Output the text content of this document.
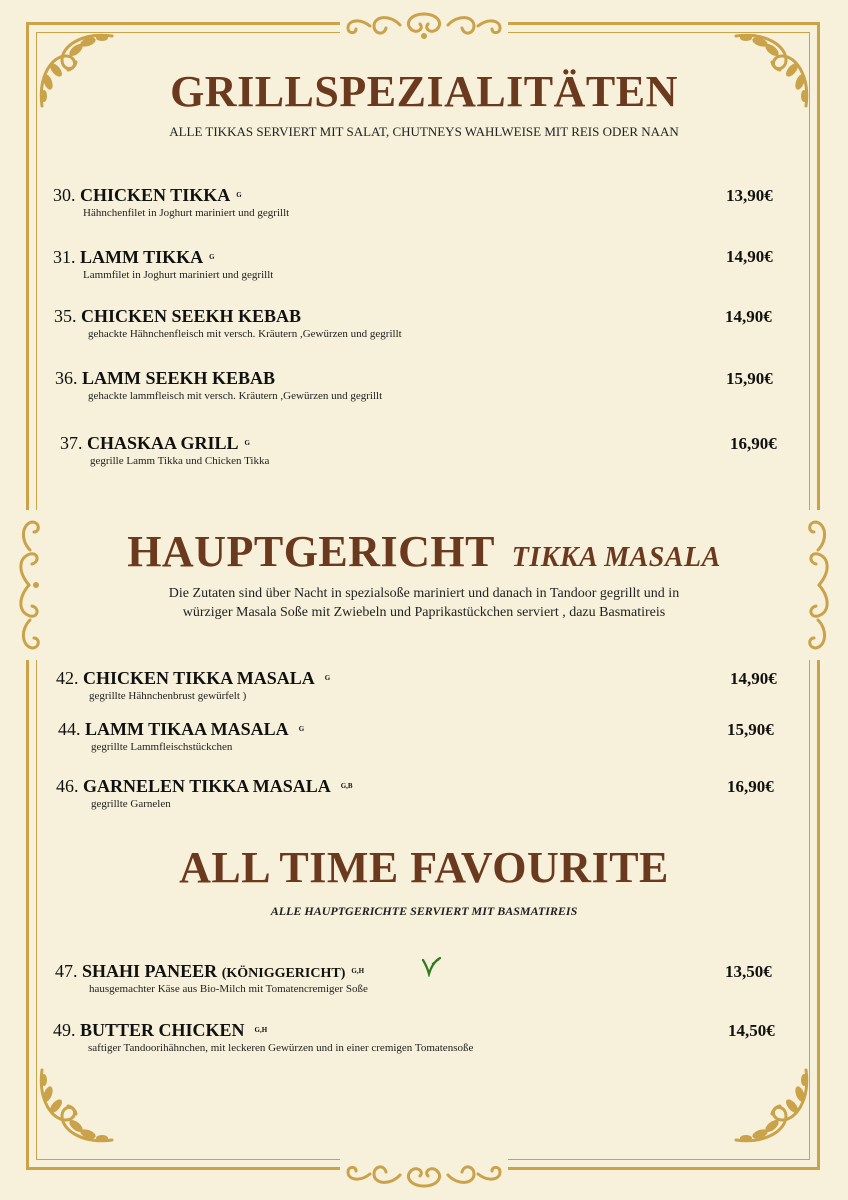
GRILLSPEZIALITÄTEN
ALLE TIKKAS SERVIERT MIT SALAT, CHUTNEYS WAHLWEISE MIT REIS ODER NAAN
30. CHICKEN TIKKA $^G$
Hähnchenfilet in Joghurt mariniert und gegrillt
13,90€
31. LAMM TIKKA $^G$
Lammfilet in Joghurt mariniert und gegrillt
14,90€
35. CHICKEN SEEKH KEBAB
gehackte Hähnchenfleisch mit versch. Kräutern ,Gewürzen und gegrillt
14,90€
36. LAMM SEEKH KEBAB
gehackte lammfleisch mit versch. Kräutern ,Gewürzen und gegrillt
15,90€
37. CHASKAA GRILL $^G$
gegrille Lamm Tikka und Chicken Tikka
16,90€
HAUPTGERICHT TIKKA MASALA
Die Zutaten sind über Nacht in spezialsoße mariniert und danach in Tandoor gegrillt und in
würziger Masala Soße mit Zwiebeln und Paprikastückchen serviert , dazu Basmatireis
42. CHICKEN TIKKA MASALA $^G$
gegrillte Hähnchenbrust gewürfelt )
14,90€
44. LAMM TIKAA MASALA $^G$
gegrillte Lammfleischstückchen
15,90€
46. GARNELEN TIKKA MASALA $^{G,B}$
gegrillte Garnelen
16,90€
ALL TIME FAVOURITE
ALLE HAUPTGERICHTE SERVIERT MIT BASMATIREIS
47. SHAHI PANEER (KÖNIGGERICHT) $^{G,H}$
hausgemachter Käse aus Bio-Milch mit Tomatencremiger Soße
13,50€
49. BUTTER CHICKEN $^{G,H}$
saftiger Tandoorihähnchen, mit leckeren Gewürzen und in einer cremigen Tomatensoße
14,50€
